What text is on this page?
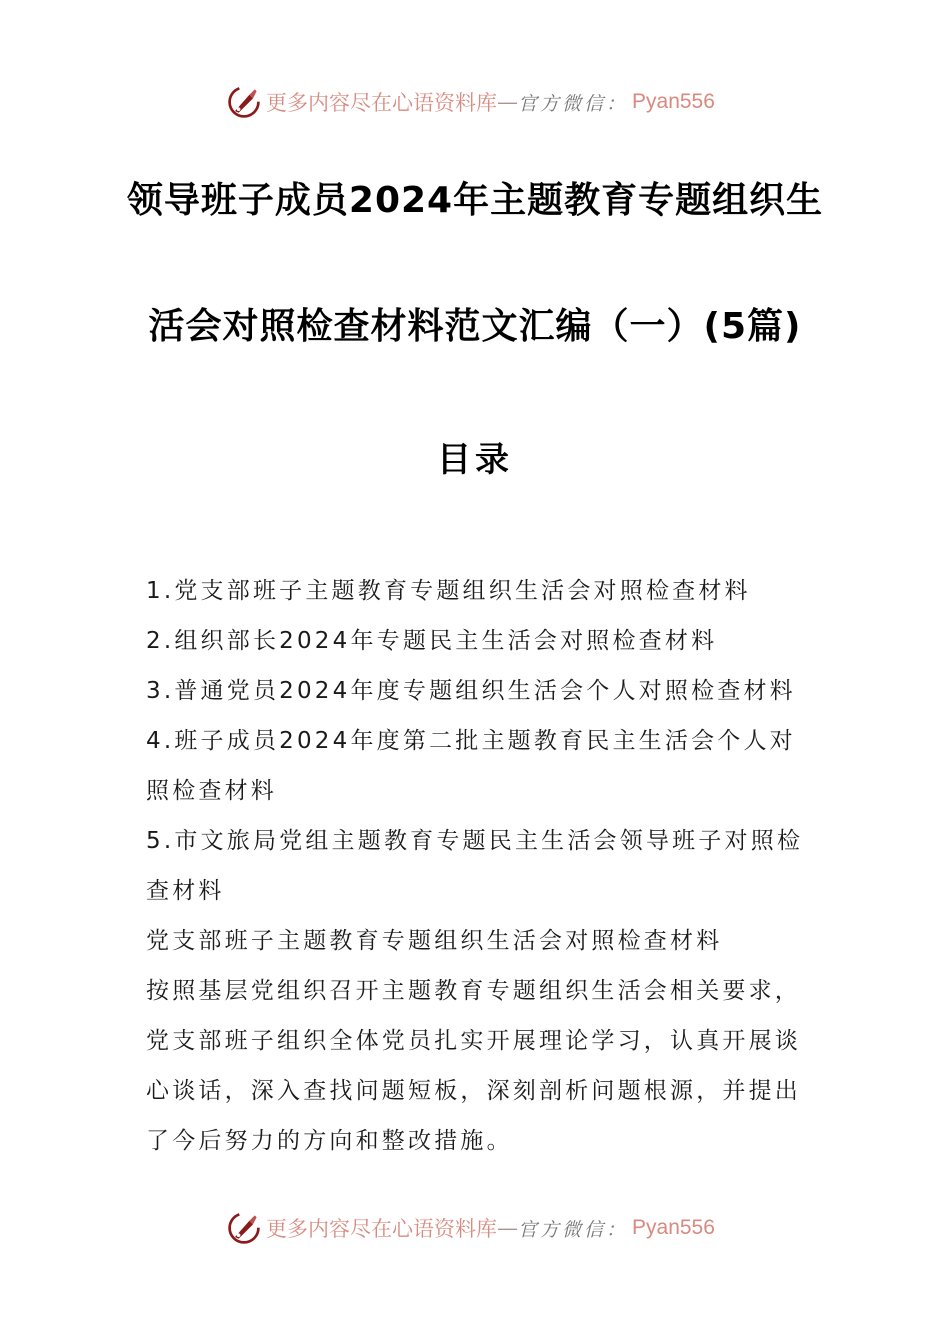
更多内容尽在心语资料库 — 官方微信： Pyan556
领导班子成员2024年主题教育专题组织生
活会对照检查材料范文汇编（一）(5篇)
目录
1.党支部班子主题教育专题组织生活会对照检查材料
2.组织部长2024年专题民主生活会对照检查材料
3.普通党员2024年度专题组织生活会个人对照检查材料
4.班子成员2024年度第二批主题教育民主生活会个人对照检查材料
5.市文旅局党组主题教育专题民主生活会领导班子对照检查材料

党支部班子主题教育专题组织生活会对照检查材料

按照基层党组织召开主题教育专题组织生活会相关要求，党支部班子组织全体党员扎实开展理论学习，认真开展谈心谈话，深入查找问题短板，深刻剖析问题根源，并提出了今后努力的方向和整改措施。

更多内容尽在心语资料库 — 官方微信： Pyan556
